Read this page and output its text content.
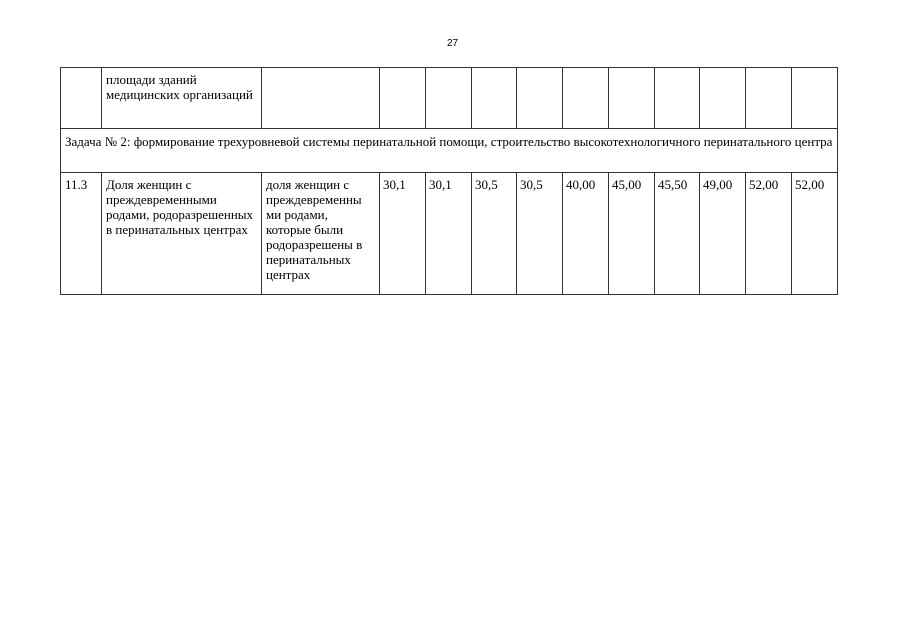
27
	площади зданий медицинских организаций											
Задача № 2: формирование трехуровневой системы перинатальной помощи, строительство высокотехнологичного перинатального центра												
11.3	Доля женщин с преждевременными родами, родоразрешенных в перинатальных центрах	доля женщин с преждевременны ми родами, которые были родоразрешены в перинатальных центрах	30,1	30,1	30,5	30,5	40,00	45,00	45,50	49,00	52,00	52,00
